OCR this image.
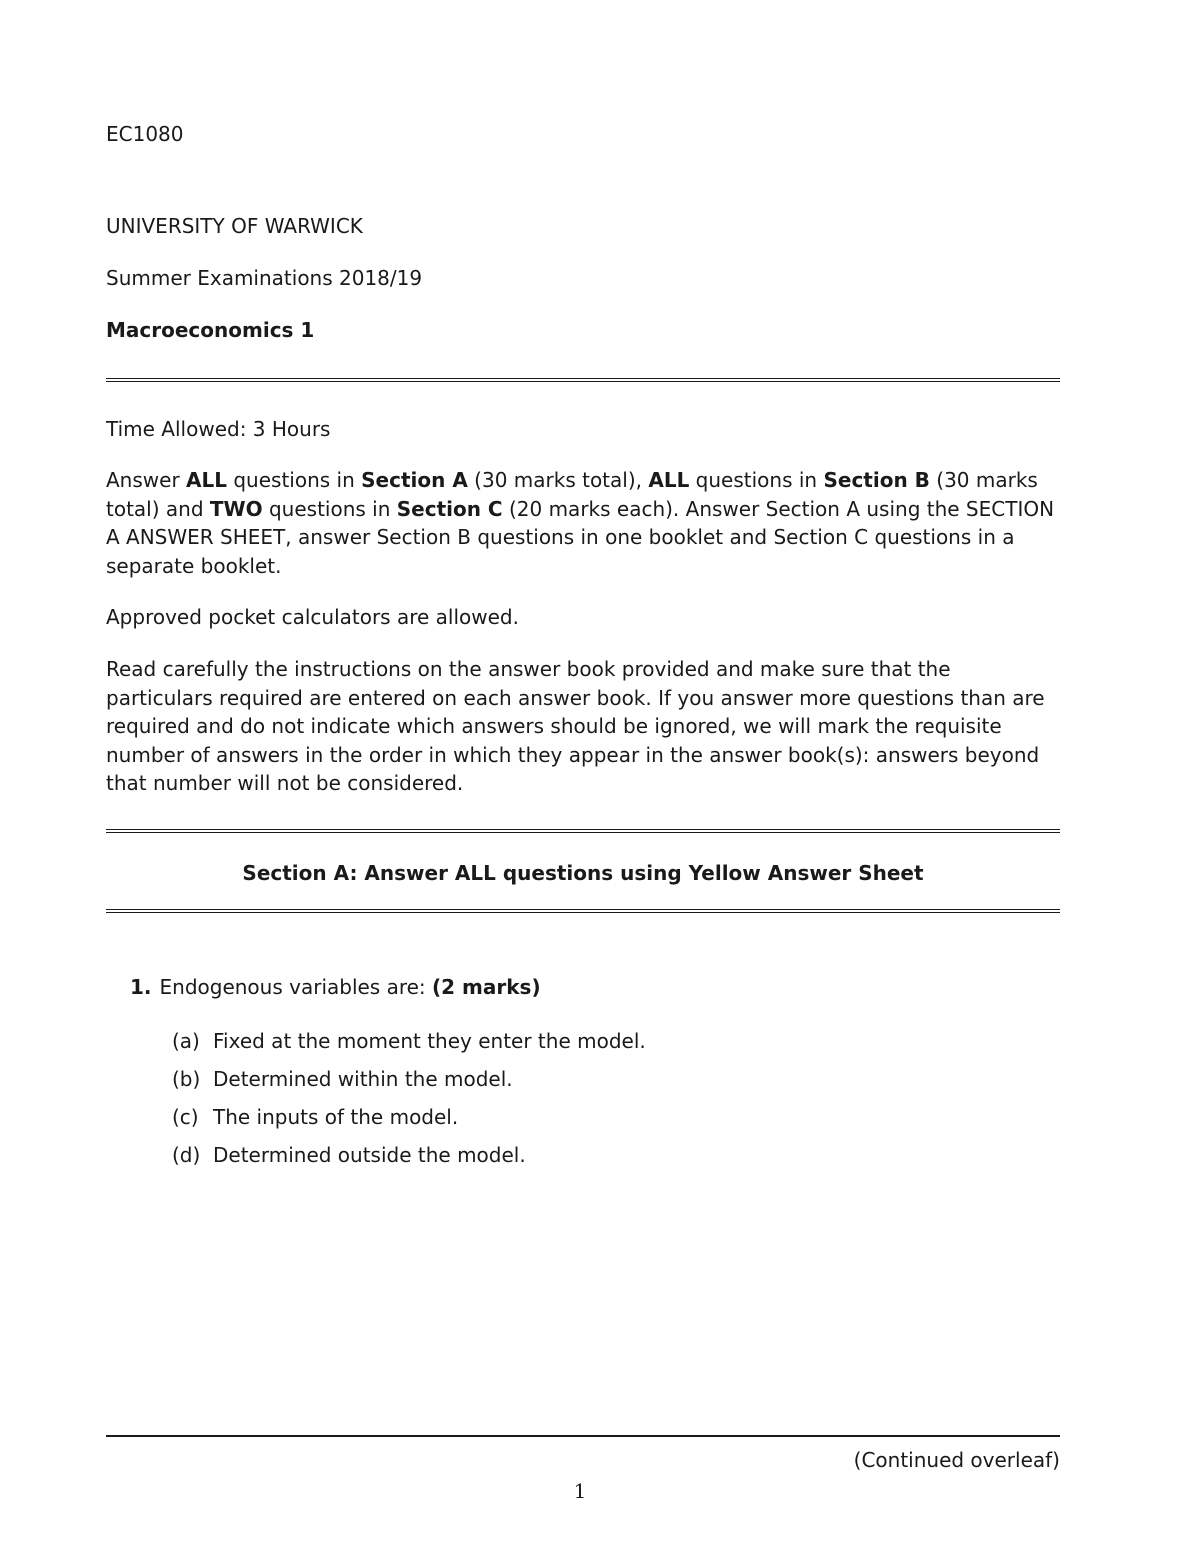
EC1080
UNIVERSITY OF WARWICK
Summer Examinations 2018/19
Macroeconomics 1
Time Allowed: 3 Hours
Answer ALL questions in Section A (30 marks total), ALL questions in Section B (30 marks total) and TWO questions in Section C (20 marks each). Answer Section A using the SECTION A ANSWER SHEET, answer Section B questions in one booklet and Section C questions in a separate booklet.
Approved pocket calculators are allowed.
Read carefully the instructions on the answer book provided and make sure that the particulars required are entered on each answer book. If you answer more questions than are required and do not indicate which answers should be ignored, we will mark the requisite number of answers in the order in which they appear in the answer book(s): answers beyond that number will not be considered.
Section A: Answer ALL questions using Yellow Answer Sheet
1. Endogenous variables are: (2 marks)
(a) Fixed at the moment they enter the model.
(b) Determined within the model.
(c) The inputs of the model.
(d) Determined outside the model.
(Continued overleaf)
1
